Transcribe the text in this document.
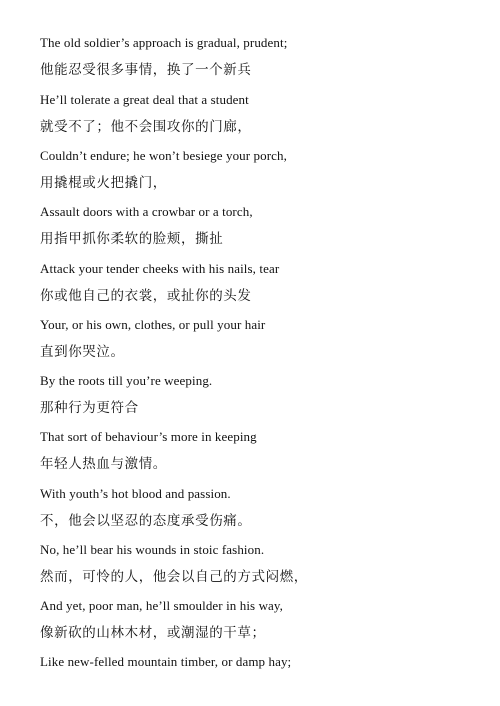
The old soldier’s approach is gradual, prudent;
他能忍受很多事情，换了一个新兵
He’ll tolerate a great deal that a student
就受不了；他不会围攻你的门廊，
Couldn’t endure; he won’t besiege your porch,
用撬棍或火把撬门，
Assault doors with a crowbar or a torch,
用指甲抓你柔软的脸颊，撕扯
Attack your tender cheeks with his nails, tear
你或他自己的衣裳，或扯你的头发
Your, or his own, clothes, or pull your hair
直到你哭泣。
By the roots till you’re weeping.
那种行为更符合
That sort of behaviour’s more in keeping
年轻人热血与激情。
With youth’s hot blood and passion.
不，他会以坚忍的态度承受伤痛。
No, he’ll bear his wounds in stoic fashion.
然而，可怜的人，他会以自己的方式闷燃，
And yet, poor man, he’ll smoulder in his way,
像新砍的山林木材，或潮湿的干草；
Like new-felled mountain timber, or damp hay;
